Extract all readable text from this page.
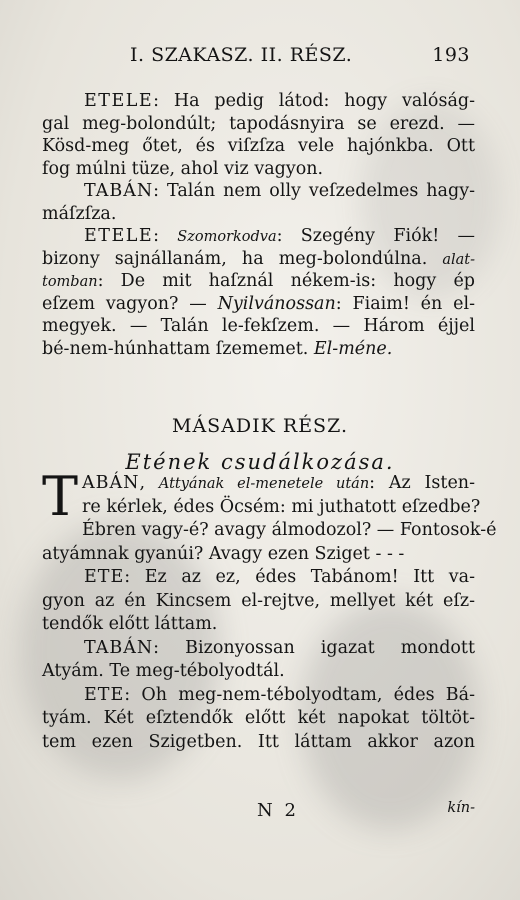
I. SZAKASZ. II. RÉSZ.	193
ETELE: Ha pedig látod: hogy valóság-
gal meg-bolondúlt; tapodásnyira se erezd. —
Kösd-meg őtet, és viſzſza vele hajónkba. Ott
fog múlni tüze, ahol viz vagyon.
TABÁN: Talán nem olly veſzedelmes hagy-
máſzſza.
ETELE: Szomorkodva: Szegény Fiók! —
bizony sajnállanám, ha meg-bolondúlna. alat-
tomban: De mit haſznál nékem-is: hogy ép
eſzem vagyon? — Nyilvánossan: Fiaim! én el-
megyek. — Talán le-fekſzem. — Három éjjel
bé-nem-húnhattam ſzememet. El-méne.
MÁSADIK RÉSZ.
Etének csudálkozása.
T ABÁN, Attyának el-menetele után: Az Isten-
re kérlek, édes Öcsém: mi juthatott eſzedbe?
Ébren vagy-é? avagy álmodozol? — Fontosok-é
atyámnak gyanúi? Avagy ezen Sziget - - -
ETE: Ez az ez, édes Tabánom! Itt va-
gyon az én Kincsem el-rejtve, mellyet két eſz-
tendők előtt láttam.
TABÁN: Bizonyossan igazat mondott
Atyám. Te meg-tébolyodtál.
ETE: Oh meg-nem-tébolyodtam, édes Bá-
tyám. Két eſztendők előtt két napokat töltöt-
tem ezen Szigetben. Itt láttam akkor azon
N 2	kín-
